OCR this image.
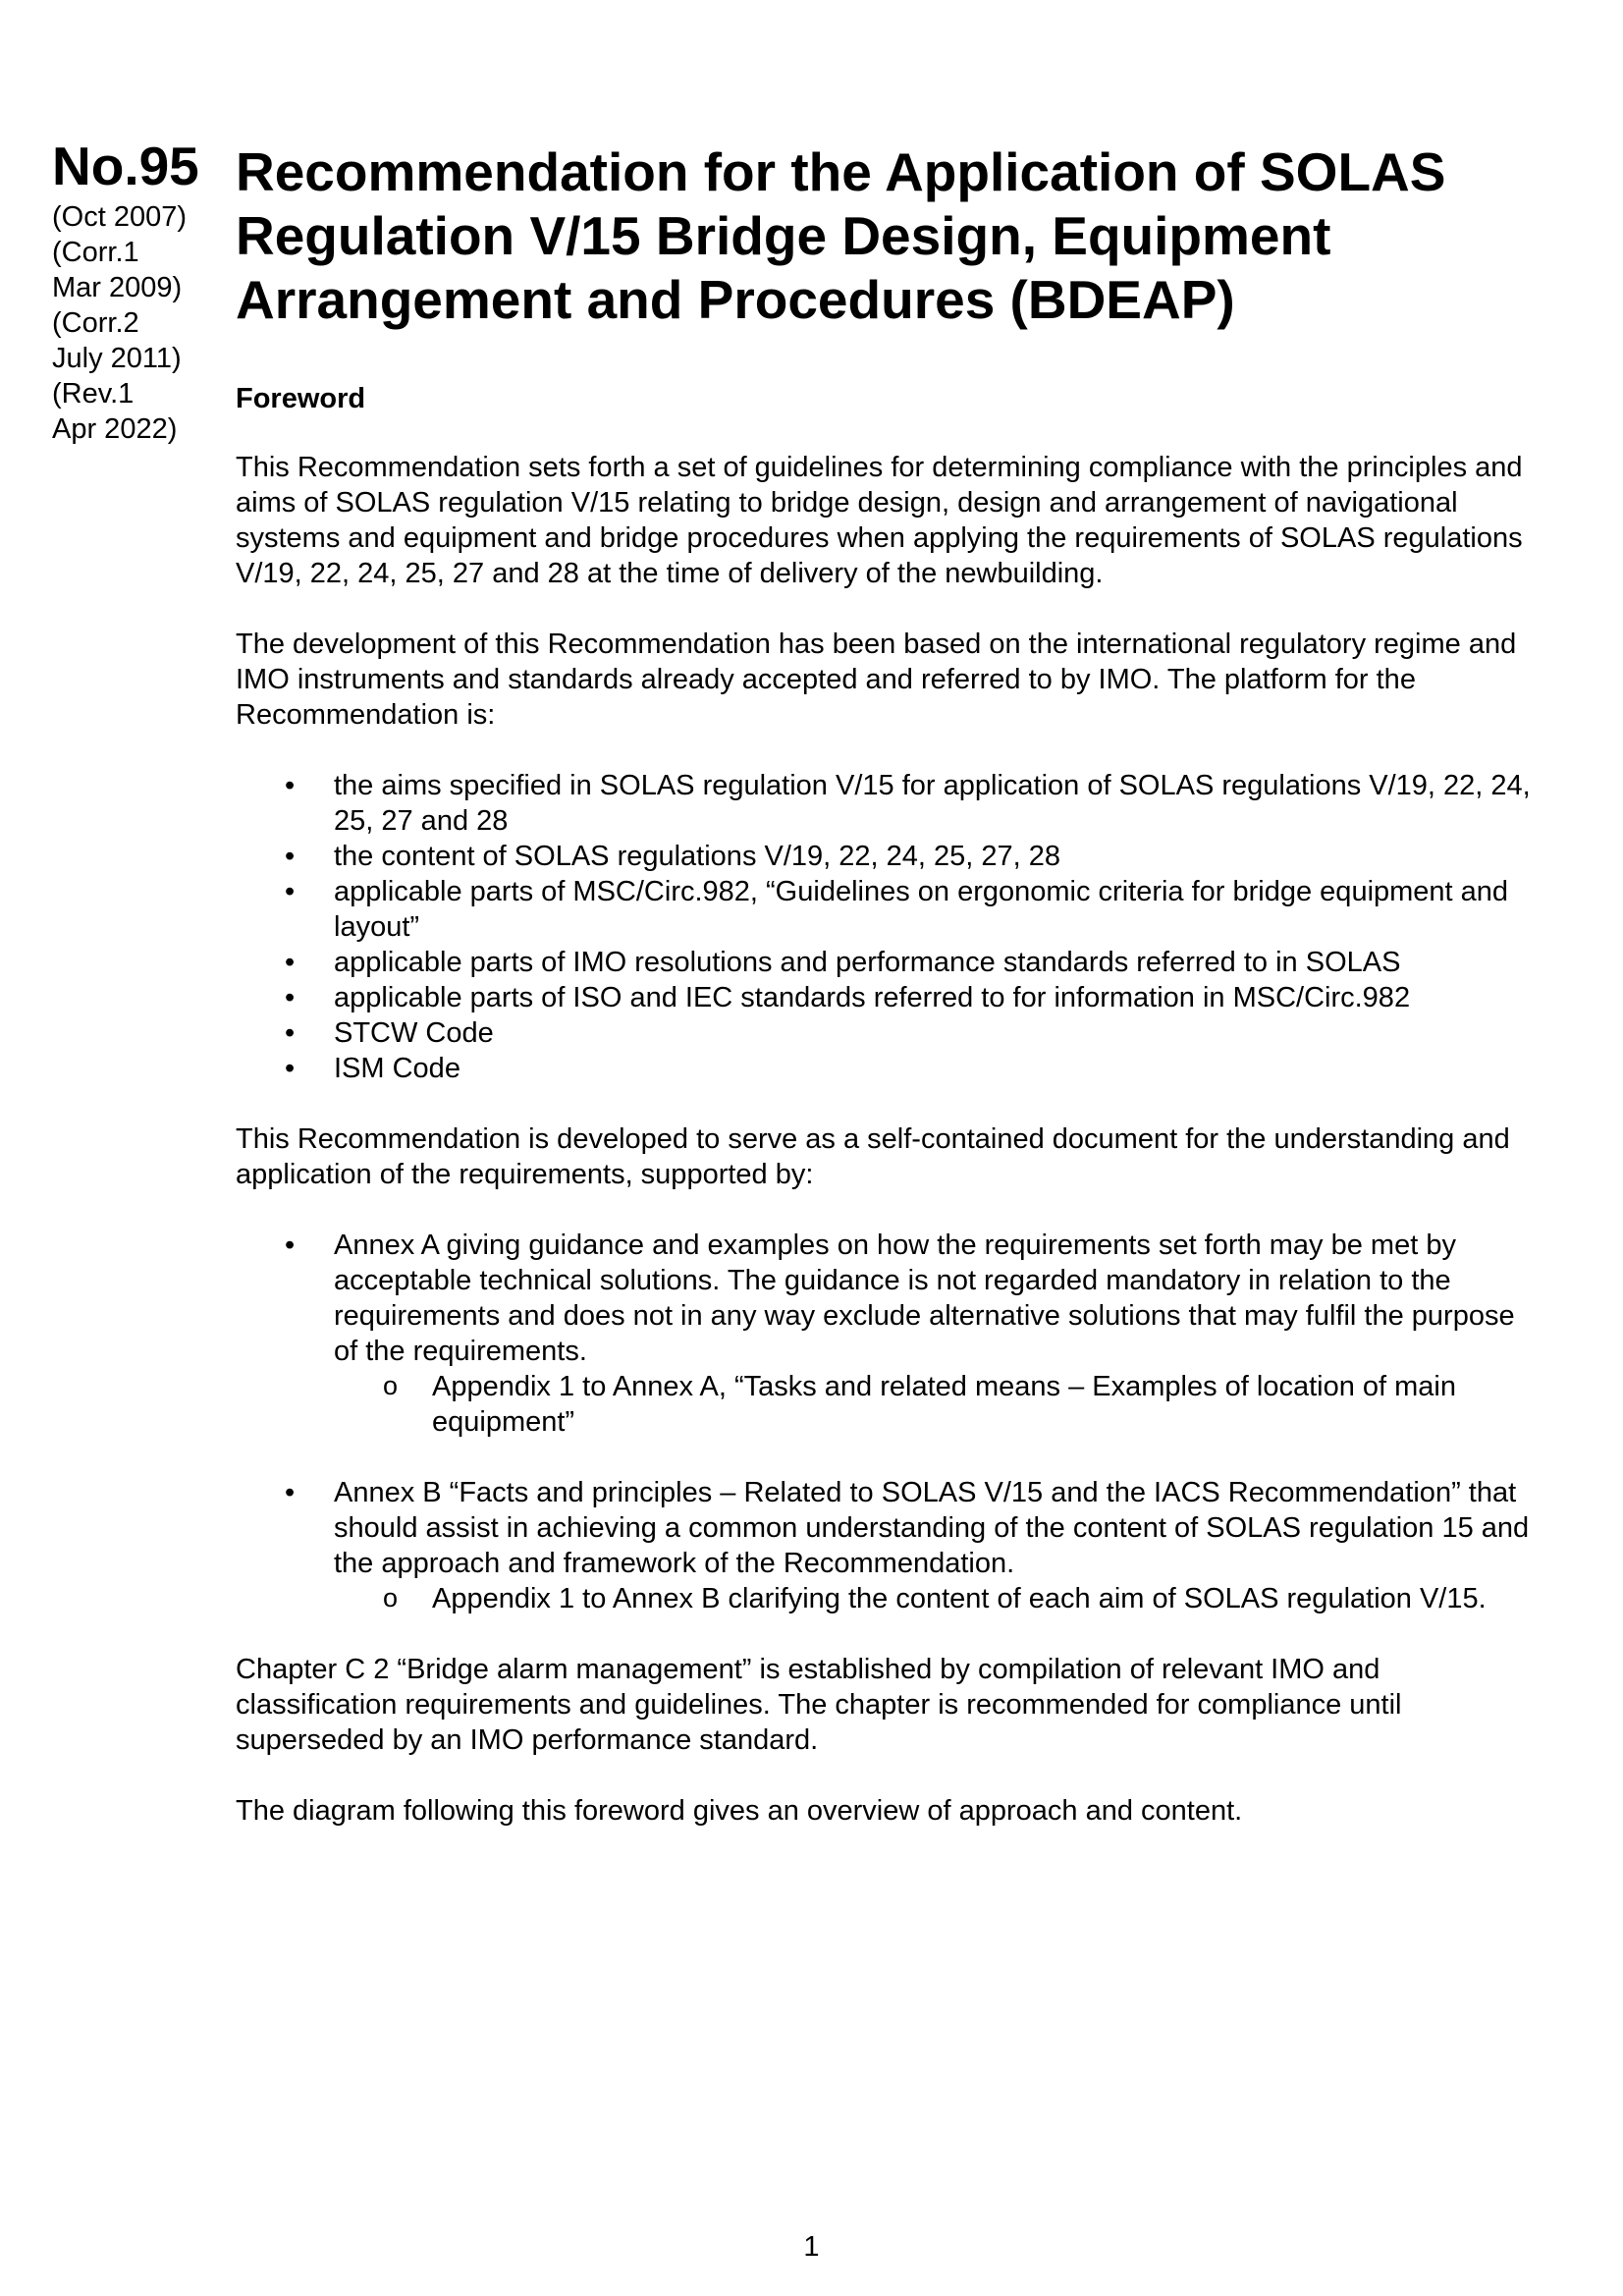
No.95
(Oct 2007)
(Corr.1
Mar 2009)
(Corr.2
July 2011)
(Rev.1
Apr 2022)
Recommendation for the Application of SOLAS Regulation V/15 Bridge Design, Equipment Arrangement and Procedures (BDEAP)
Foreword

This Recommendation sets forth a set of guidelines for determining compliance with the principles and aims of SOLAS regulation V/15 relating to bridge design, design and arrangement of navigational systems and equipment and bridge procedures when applying the requirements of SOLAS regulations V/19, 22, 24, 25, 27 and 28 at the time of delivery of the newbuilding.

The development of this Recommendation has been based on the international regulatory regime and IMO instruments and standards already accepted and referred to by IMO. The platform for the Recommendation is:

• the aims specified in SOLAS regulation V/15 for application of SOLAS regulations V/19, 22, 24, 25, 27 and 28
• the content of SOLAS regulations V/19, 22, 24, 25, 27, 28
• applicable parts of MSC/Circ.982, “Guidelines on ergonomic criteria for bridge equipment and layout”
• applicable parts of IMO resolutions and performance standards referred to in SOLAS
• applicable parts of ISO and IEC standards referred to for information in MSC/Circ.982
• STCW Code
• ISM Code

This Recommendation is developed to serve as a self-contained document for the understanding and application of the requirements, supported by:

• Annex A giving guidance and examples on how the requirements set forth may be met by acceptable technical solutions. The guidance is not regarded mandatory in relation to the requirements and does not in any way exclude alternative solutions that may fulfil the purpose of the requirements.
o Appendix 1 to Annex A, “Tasks and related means – Examples of location of main equipment”
• Annex B “Facts and principles – Related to SOLAS V/15 and the IACS Recommendation” that should assist in achieving a common understanding of the content of SOLAS regulation 15 and the approach and framework of the Recommendation.
o Appendix 1 to Annex B clarifying the content of each aim of SOLAS regulation V/15.

Chapter C 2 “Bridge alarm management” is established by compilation of relevant IMO and classification requirements and guidelines. The chapter is recommended for compliance until superseded by an IMO performance standard.

The diagram following this foreword gives an overview of approach and content.

1
